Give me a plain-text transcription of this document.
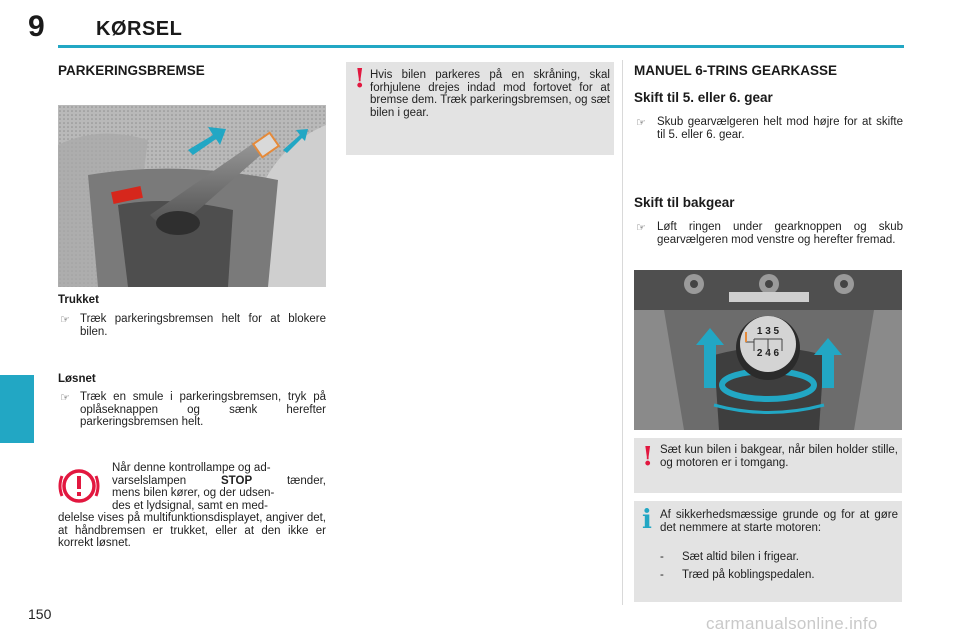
9	KØRSEL
PARKERINGSBREMSE
Trukket
☞ Træk parkeringsbremsen helt for at blokere bilen.
Løsnet
☞ Træk en smule i parkeringsbremsen, tryk på oplåseknappen og sænk herefter parkeringsbremsen helt.
Når denne kontrollampe og ad-
varselslampen	STOP	tænder,
mens bilen kører, og der udsen-
des et lydsignal, samt en med-
delelse vises på multifunktionsdisplayet, angiver det, at håndbremsen er trukket, eller at den ikke er korrekt løsnet.
! Hvis bilen parkeres på en skråning, skal forhjulene drejes indad mod fortovet for at bremse dem. Træk parkeringsbremsen, og sæt bilen i gear.
MANUEL 6-TRINS GEARKASSE
Skift til 5. eller 6. gear
☞ Skub gearvælgeren helt mod højre for at skifte til 5. eller 6. gear.
Skift til bakgear
☞ Løft ringen under gearknoppen og skub gearvælgeren mod venstre og herefter fremad.
1 3 5
2 4 6
! Sæt kun bilen i bakgear, når bilen holder stille, og motoren er i tomgang.
i Af sikkerhedsmæssige grunde og for at gøre det nemmere at starte motoren:
- Sæt altid bilen i frigear.
- Træd på koblingspedalen.
150	carmanualsonline.info
